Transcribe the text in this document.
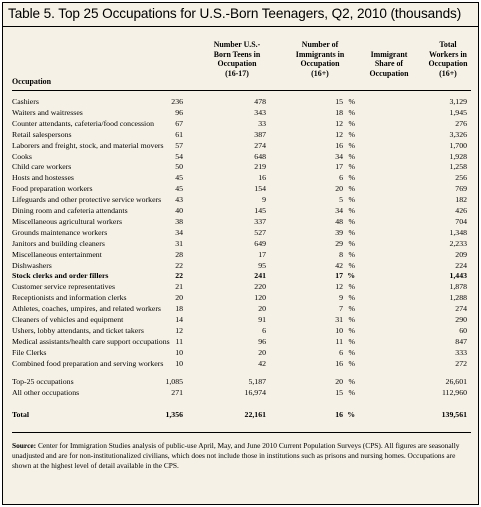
Table 5. Top 25 Occupations for U.S.-Born Teenagers, Q2, 2010 (thousands)
Number U.S.-
Born Teens in
Occupation
(16-17)
Number of
Immigrants in
Occupation
(16+)
Immigrant
Share of
Occupation
Total
Workers in
Occupation
(16+)
Occupation
Cashiers	236	478	15 %	3,129
Waiters and waitresses	96	343	18 %	1,945
Counter attendants, cafeteria/food concession	67	33	12 %	276
Retail salespersons	61	387	12 %	3,326
Laborers and freight, stock, and material movers 57	274	16 %	1,700
Cooks	54	648	34 %	1,928
Child care workers	50	219	17 %	1,258
Hosts and hostesses	45	16	6 %	256
Food preparation workers	45	154	20 %	769
Lifeguards and other protective service workers 43	9	5 %	182
Dining room and cafeteria attendants	40	145	34 %	426
Miscellaneous agricultural workers	38	337	48 %	704
Grounds maintenance workers	34	527	39 %	1,348
Janitors and building cleaners	31	649	29 %	2,233
Miscellaneous entertainment	28	17	8 %	209
Dishwashers	22	95	42 %	224
Stock clerks and order fillers	22	241	17 %	1,443
Customer service representatives	21	220	12 %	1,878
Receptionists and information clerks	20	120	9 %	1,288
Athletes, coaches, umpires, and related workers 18	20	7 %	274
Cleaners of vehicles and equipment	14	91	31 %	290
Ushers, lobby attendants, and ticket takers	12	6	10 %	60
Medical assistants/health care support occupations 11	96	11 %	847
File Clerks	10	20	6 %	333
Combined food preparation and serving workers 10	42	16 %	272
Top-25 occupations	1,085	5,187	20 %	26,601
All other occupations	271	16,974	15 %	112,960
Total	1,356	22,161	16 %	139,561
Source: Center for Immigration Studies analysis of public-use April, May, and June 2010 Current Population Surveys (CPS). All figures are seasonally unadjusted and are for non-institutionalized civilians, which does not include those in institutions such as prisons and nursing homes. Occupations are shown at the highest level of detail available in the CPS.
